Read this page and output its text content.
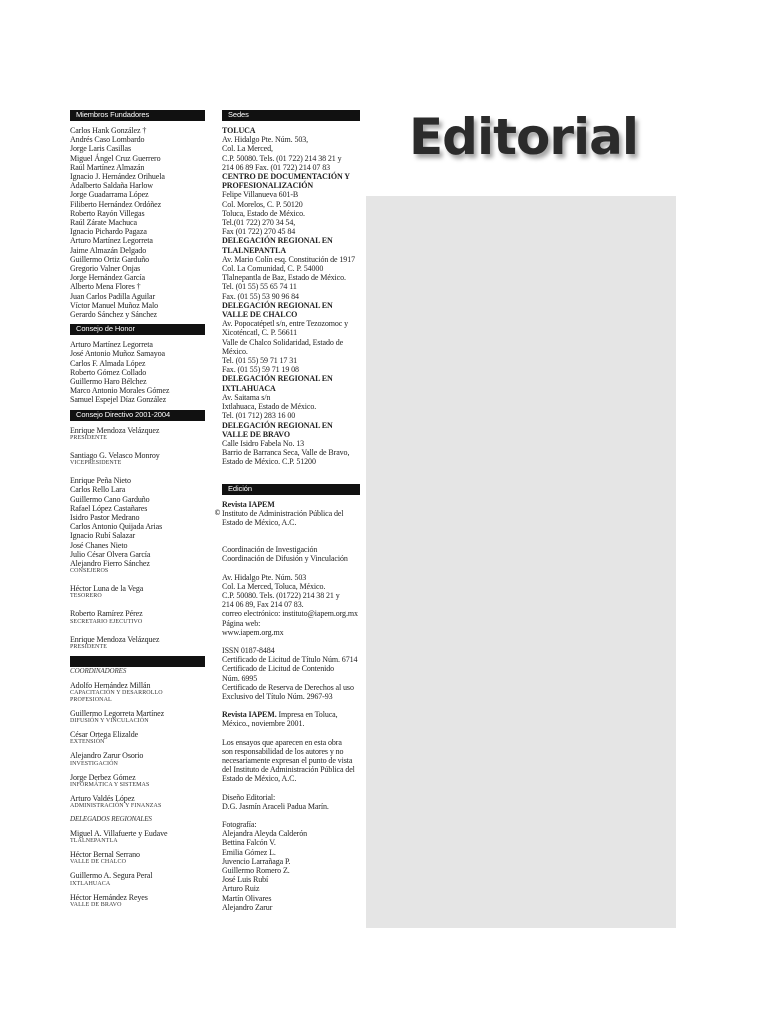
Miembros Fundadores
Carlos Hank González †
Andrés Caso Lombardo
Jorge Laris Casillas
Miguel Ángel Cruz Guerrero
Raúl Martínez Almazán
Ignacio J. Hernández Orihuela
Adalberto Saldaña Harlow
Jorge Guadarrama López
Filiberto Hernández Ordóñez
Roberto Rayón Villegas
Raúl Zárate Machuca
Ignacio Pichardo Pagaza
Arturo Martínez Legorreta
Jaime Almazán Delgado
Guillermo Ortiz Garduño
Gregorio Valner Onjas
Jorge Hernández García
Alberto Mena Flores †
Juan Carlos Padilla Aguilar
Víctor Manuel Muñoz Malo
Gerardo Sánchez y Sánchez
Consejo de Honor
Arturo Martínez Legorreta
José Antonio Muñoz Samayoa
Carlos F. Almada López
Roberto Gómez Collado
Guillermo Haro Bélchez
Marco Antonio Morales Gómez
Samuel Espejel Díaz González
Consejo Directivo 2001-2004
Enrique Mendoza Velázquez
PRESIDENTE
Santiago G. Velasco Monroy
VICEPRESIDENTE
Enrique Peña Nieto
Carlos Rello Lara
Guillermo Cano Garduño
Rafael López Castañares
Isidro Pastor Medrano
Carlos Antonio Quijada Arias
Ignacio Rubí Salazar
José Chanes Nieto
Julio César Olvera García
Alejandro Fierro Sánchez
CONSEJEROS
Héctor Luna de la Vega
TESORERO
Roberto Ramírez Pérez
SECRETARIO EJECUTIVO
Enrique Mendoza Velázquez
PRESIDENTE
COORDINADORES
Adolfo Hernández Millán
CAPACITACIÓN Y DESARROLLO PROFESIONAL
Guillermo Legorreta Martínez
DIFUSIÓN Y VINCULACIÓN
César Ortega Elizalde
EXTENSIÓN
Alejandro Zarur Osorio
INVESTIGACIÓN
Jorge Derbez Gómez
INFORMÁTICA Y SISTEMAS
Arturo Valdés López
ADMINISTRACIÓN Y FINANZAS
DELEGADOS REGIONALES
Miguel A. Villafuerte y Eudave
TLALNEPANTLA
Héctor Bernal Serrano
VALLE DE CHALCO
Guillermo A. Segura Peral
IXTLAHUACA
Héctor Hernández Reyes
VALLE DE BRAVO
Sedes
TOLUCA
Av. Hidalgo Pte. Núm. 503,
Col. La Merced,
C.P. 50080. Tels. (01 722) 214 38 21 y
214 06 89 Fax. (01 722) 214 07 83
CENTRO DE DOCUMENTACIÓN Y
PROFESIONALIZACIÓN
Felipe Villanueva 601-B
Col. Morelos, C. P. 50120
Toluca, Estado de México.
Tel.(01 722) 270 34 54,
Fax (01 722) 270 45 84
DELEGACIÓN REGIONAL EN
TLALNEPANTLA
Av. Mario Colín esq. Constitución de 1917
Col. La Comunidad, C. P. 54000
Tlalnepantla de Baz, Estado de México.
Tel. (01 55) 55 65 74 11
Fax. (01 55) 53 90 96 84
DELEGACIÓN REGIONAL EN
VALLE DE CHALCO
Av. Popocatépetl s/n, entre Tezozomoc y
Xicoténcatl, C. P. 56611
Valle de Chalco Solidaridad, Estado de
México.
Tel. (01 55) 59 71 17 31
Fax. (01 55) 59 71 19 08
DELEGACIÓN REGIONAL EN
IXTLAHUACA
Av. Saitama s/n
Ixtlahuaca, Estado de México.
Tel. (01 712) 283 16 00
DELEGACIÓN REGIONAL EN
VALLE DE BRAVO
Calle Isidro Fabela No. 13
Barrio de Barranca Seca, Valle de Bravo,
Estado de México. C.P. 51200
Edición
Revista IAPEM
© Instituto de Administración Pública del
Estado de México, A.C.
Coordinación de Investigación
Coordinación de Difusión y Vinculación
Av. Hidalgo Pte. Núm. 503
Col. La Merced, Toluca, México.
C.P. 50080. Tels. (01722) 214 38 21 y
214 06 89, Fax 214 07 83.
correo electrónico: instituto@iapem.org.mx
Página web:
www.iapem.org.mx
ISSN 0187-8484
Certificado de Licitud de Título Núm. 6714
Certificado de Licitud de Contenido
Núm. 6995
Certificado de Reserva de Derechos al uso
Exclusivo del Título Núm. 2967-93
Revista IAPEM. Impresa en Toluca,
México., noviembre 2001.
Los ensayos que aparecen en esta obra
son responsabilidad de los autores y no
necesariamente expresan el punto de vista
del Instituto de Administración Pública del
Estado de México, A.C.
Diseño Editorial:
D.G. Jasmín Araceli Padua Marín.
Fotografía:
Alejandra Aleyda Calderón
Bettina Falcón V.
Emilia Gómez L.
Juvencio Larrañaga P.
Guillermo Romero Z.
José Luis Rubí
Arturo Ruiz
Martín Olivares
Alejandro Zarur
Editorial
